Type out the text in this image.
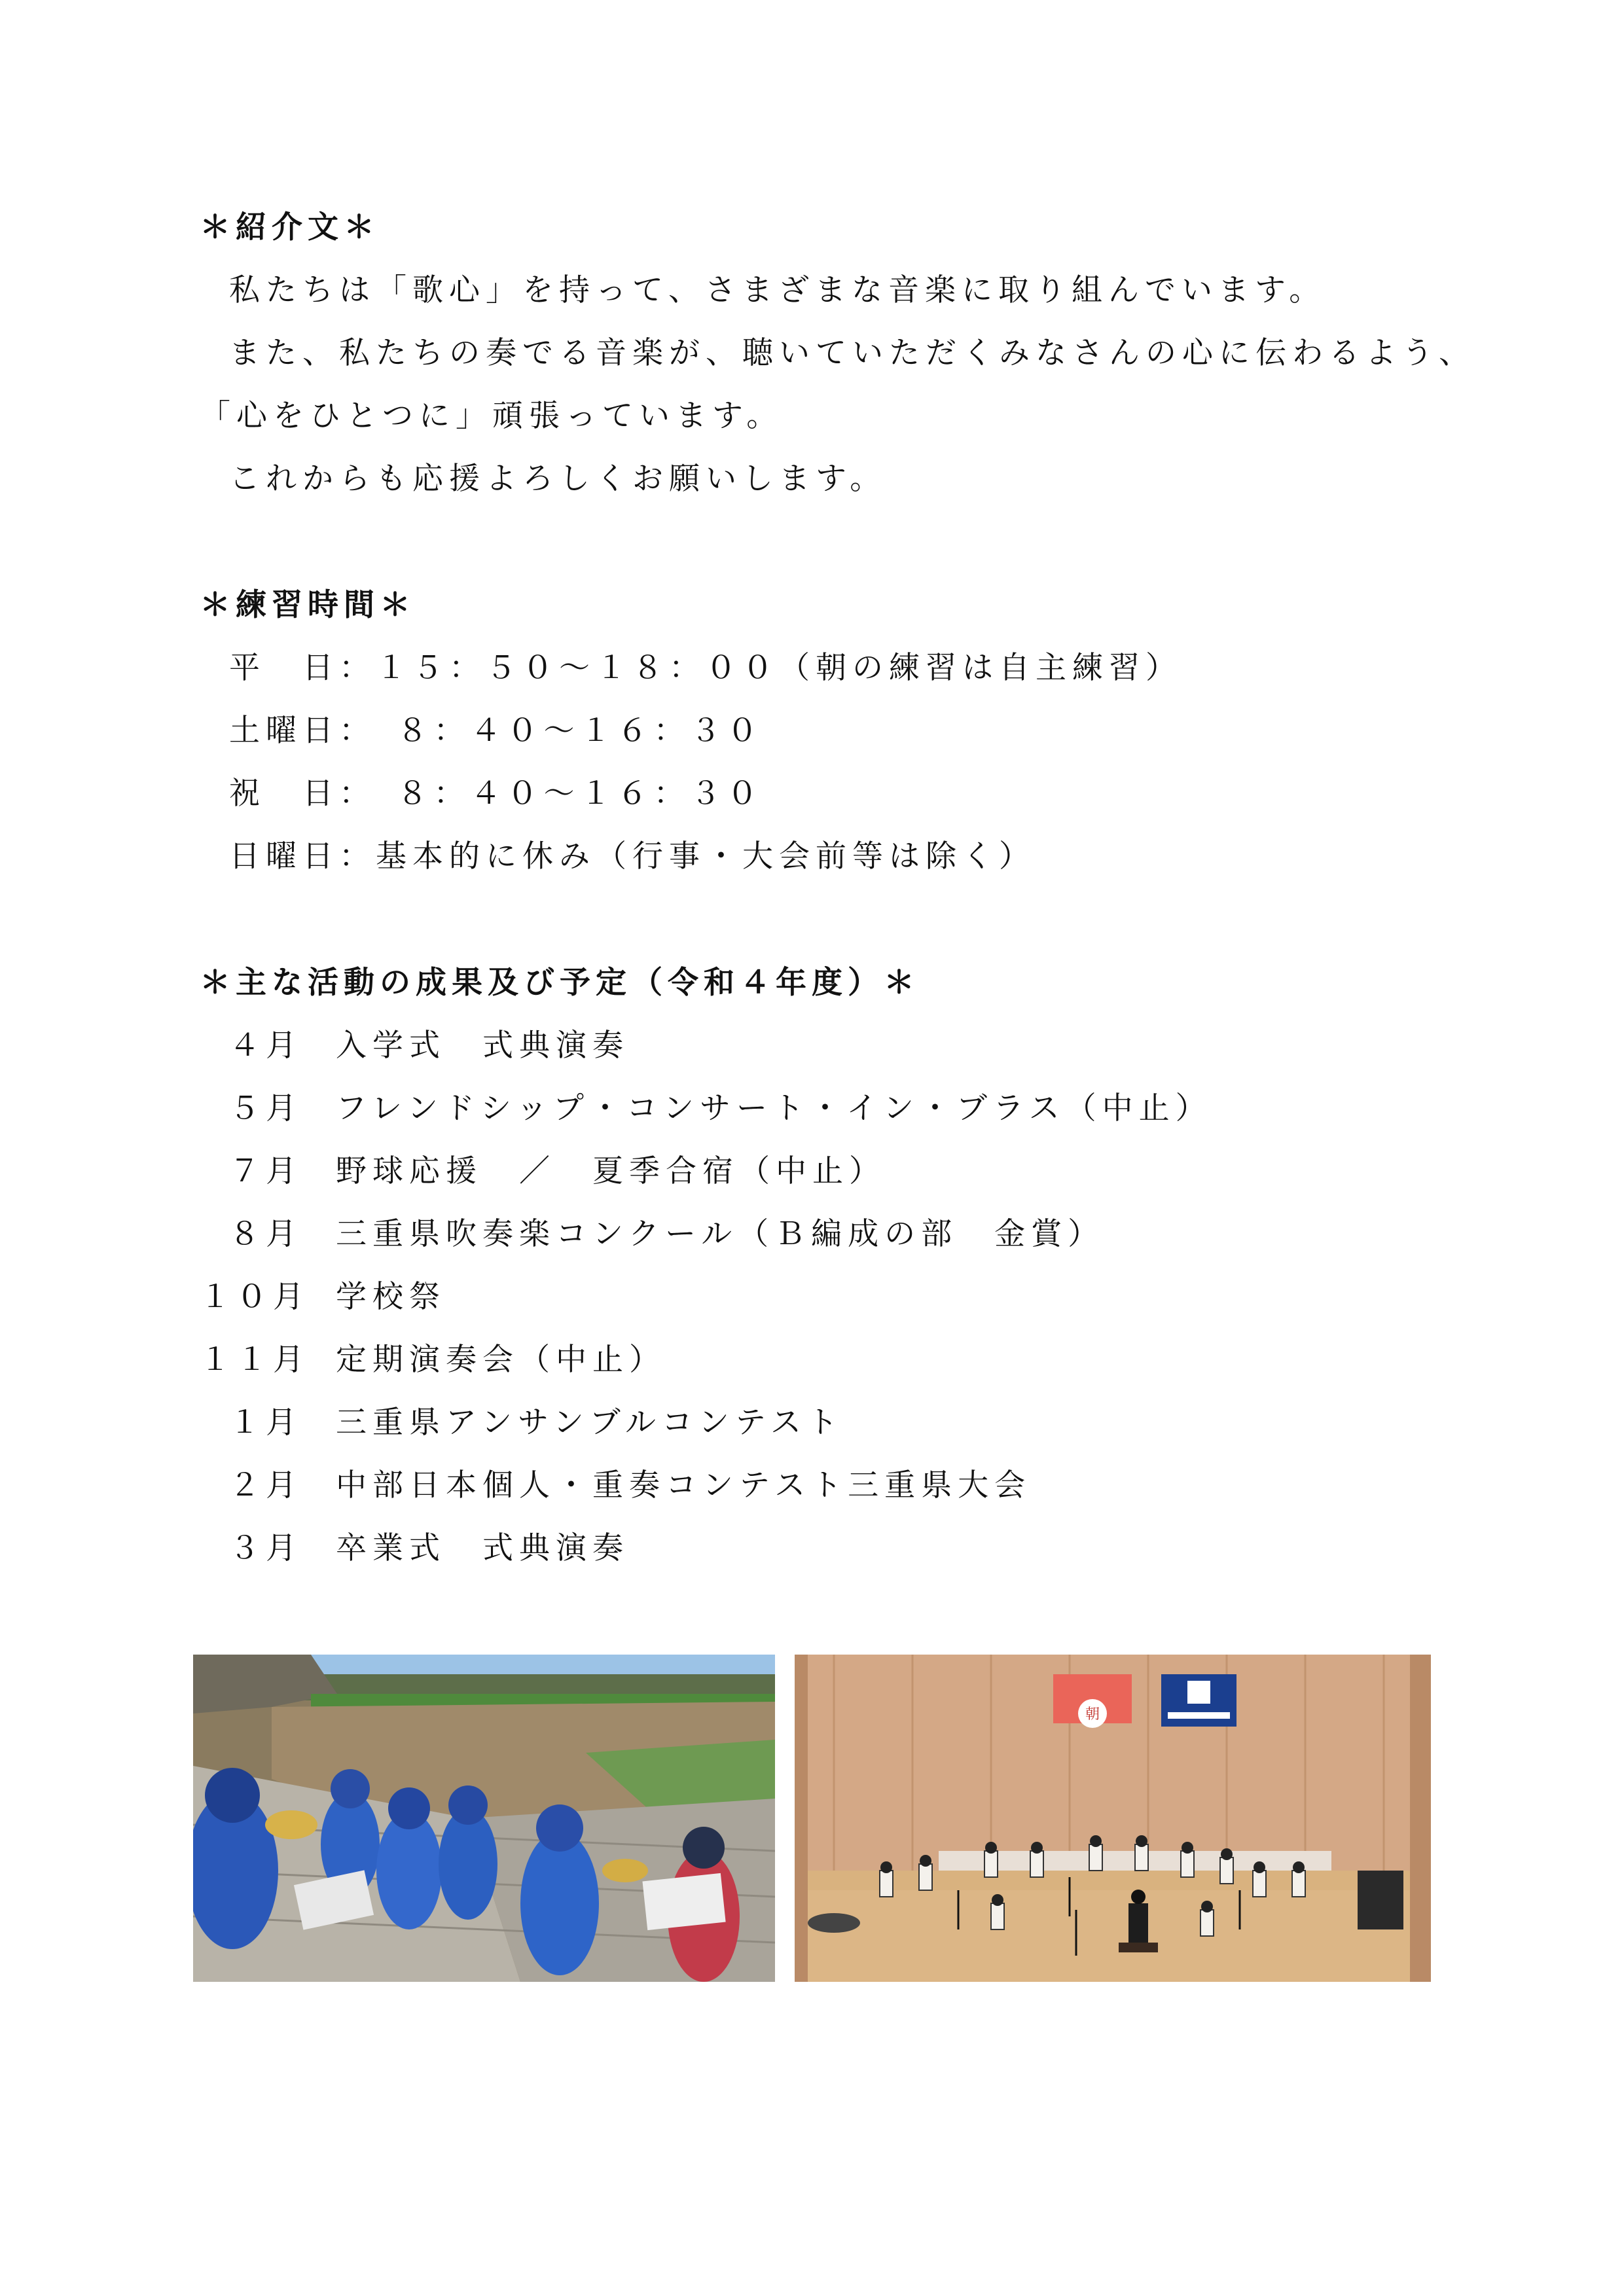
＊紹介文＊
私たちは「歌心」を持って、さまざまな音楽に取り組んでいます。
また、私たちの奏でる音楽が、聴いていただくみなさんの心に伝わるよう、
「心をひとつに」頑張っています。
これからも応援よろしくお願いします。
＊練習時間＊
平　日：１５：５０～１８：００（朝の練習は自主練習）
土曜日：　８：４０～１６：３０
祝　日：　８：４０～１６：３０
日曜日：基本的に休み（行事・大会前等は除く）
＊主な活動の成果及び予定（令和４年度）＊
４月 入学式　式典演奏
５月 フレンドシップ・コンサート・イン・ブラス（中止）
７月 野球応援　／　夏季合宿（中止）
８月 三重県吹奏楽コンクール（Ｂ編成の部　金賞）
１０月 学校祭
１１月 定期演奏会（中止）
１月 三重県アンサンブルコンテスト
２月 中部日本個人・重奏コンテスト三重県大会
３月 卒業式　式典演奏
朝
